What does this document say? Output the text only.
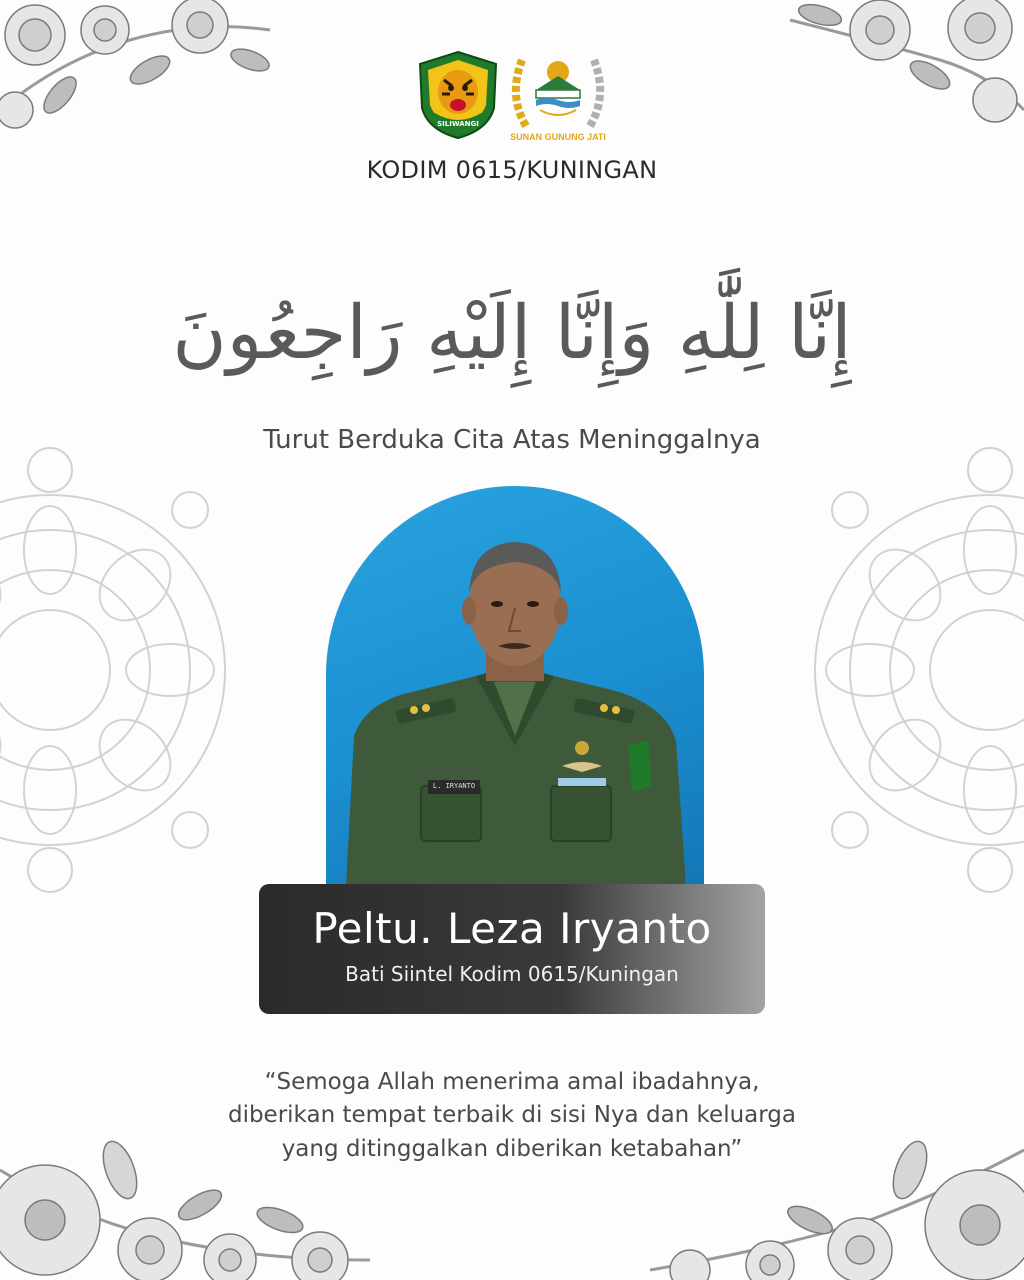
SILIWANGI
SUNAN GUNUNG JATI
KODIM 0615/KUNINGAN
إِنَّا لِلَّٰهِ وَإِنَّا إِلَيْهِ رَاجِعُونَ
Turut Berduka Cita Atas Meninggalnya
L. IRYANTO
Peltu. Leza Iryanto
Bati Siintel Kodim 0615/Kuningan
“Semoga Allah menerima amal ibadahnya,
diberikan tempat terbaik di sisi Nya dan keluarga
yang ditinggalkan diberikan ketabahan”
